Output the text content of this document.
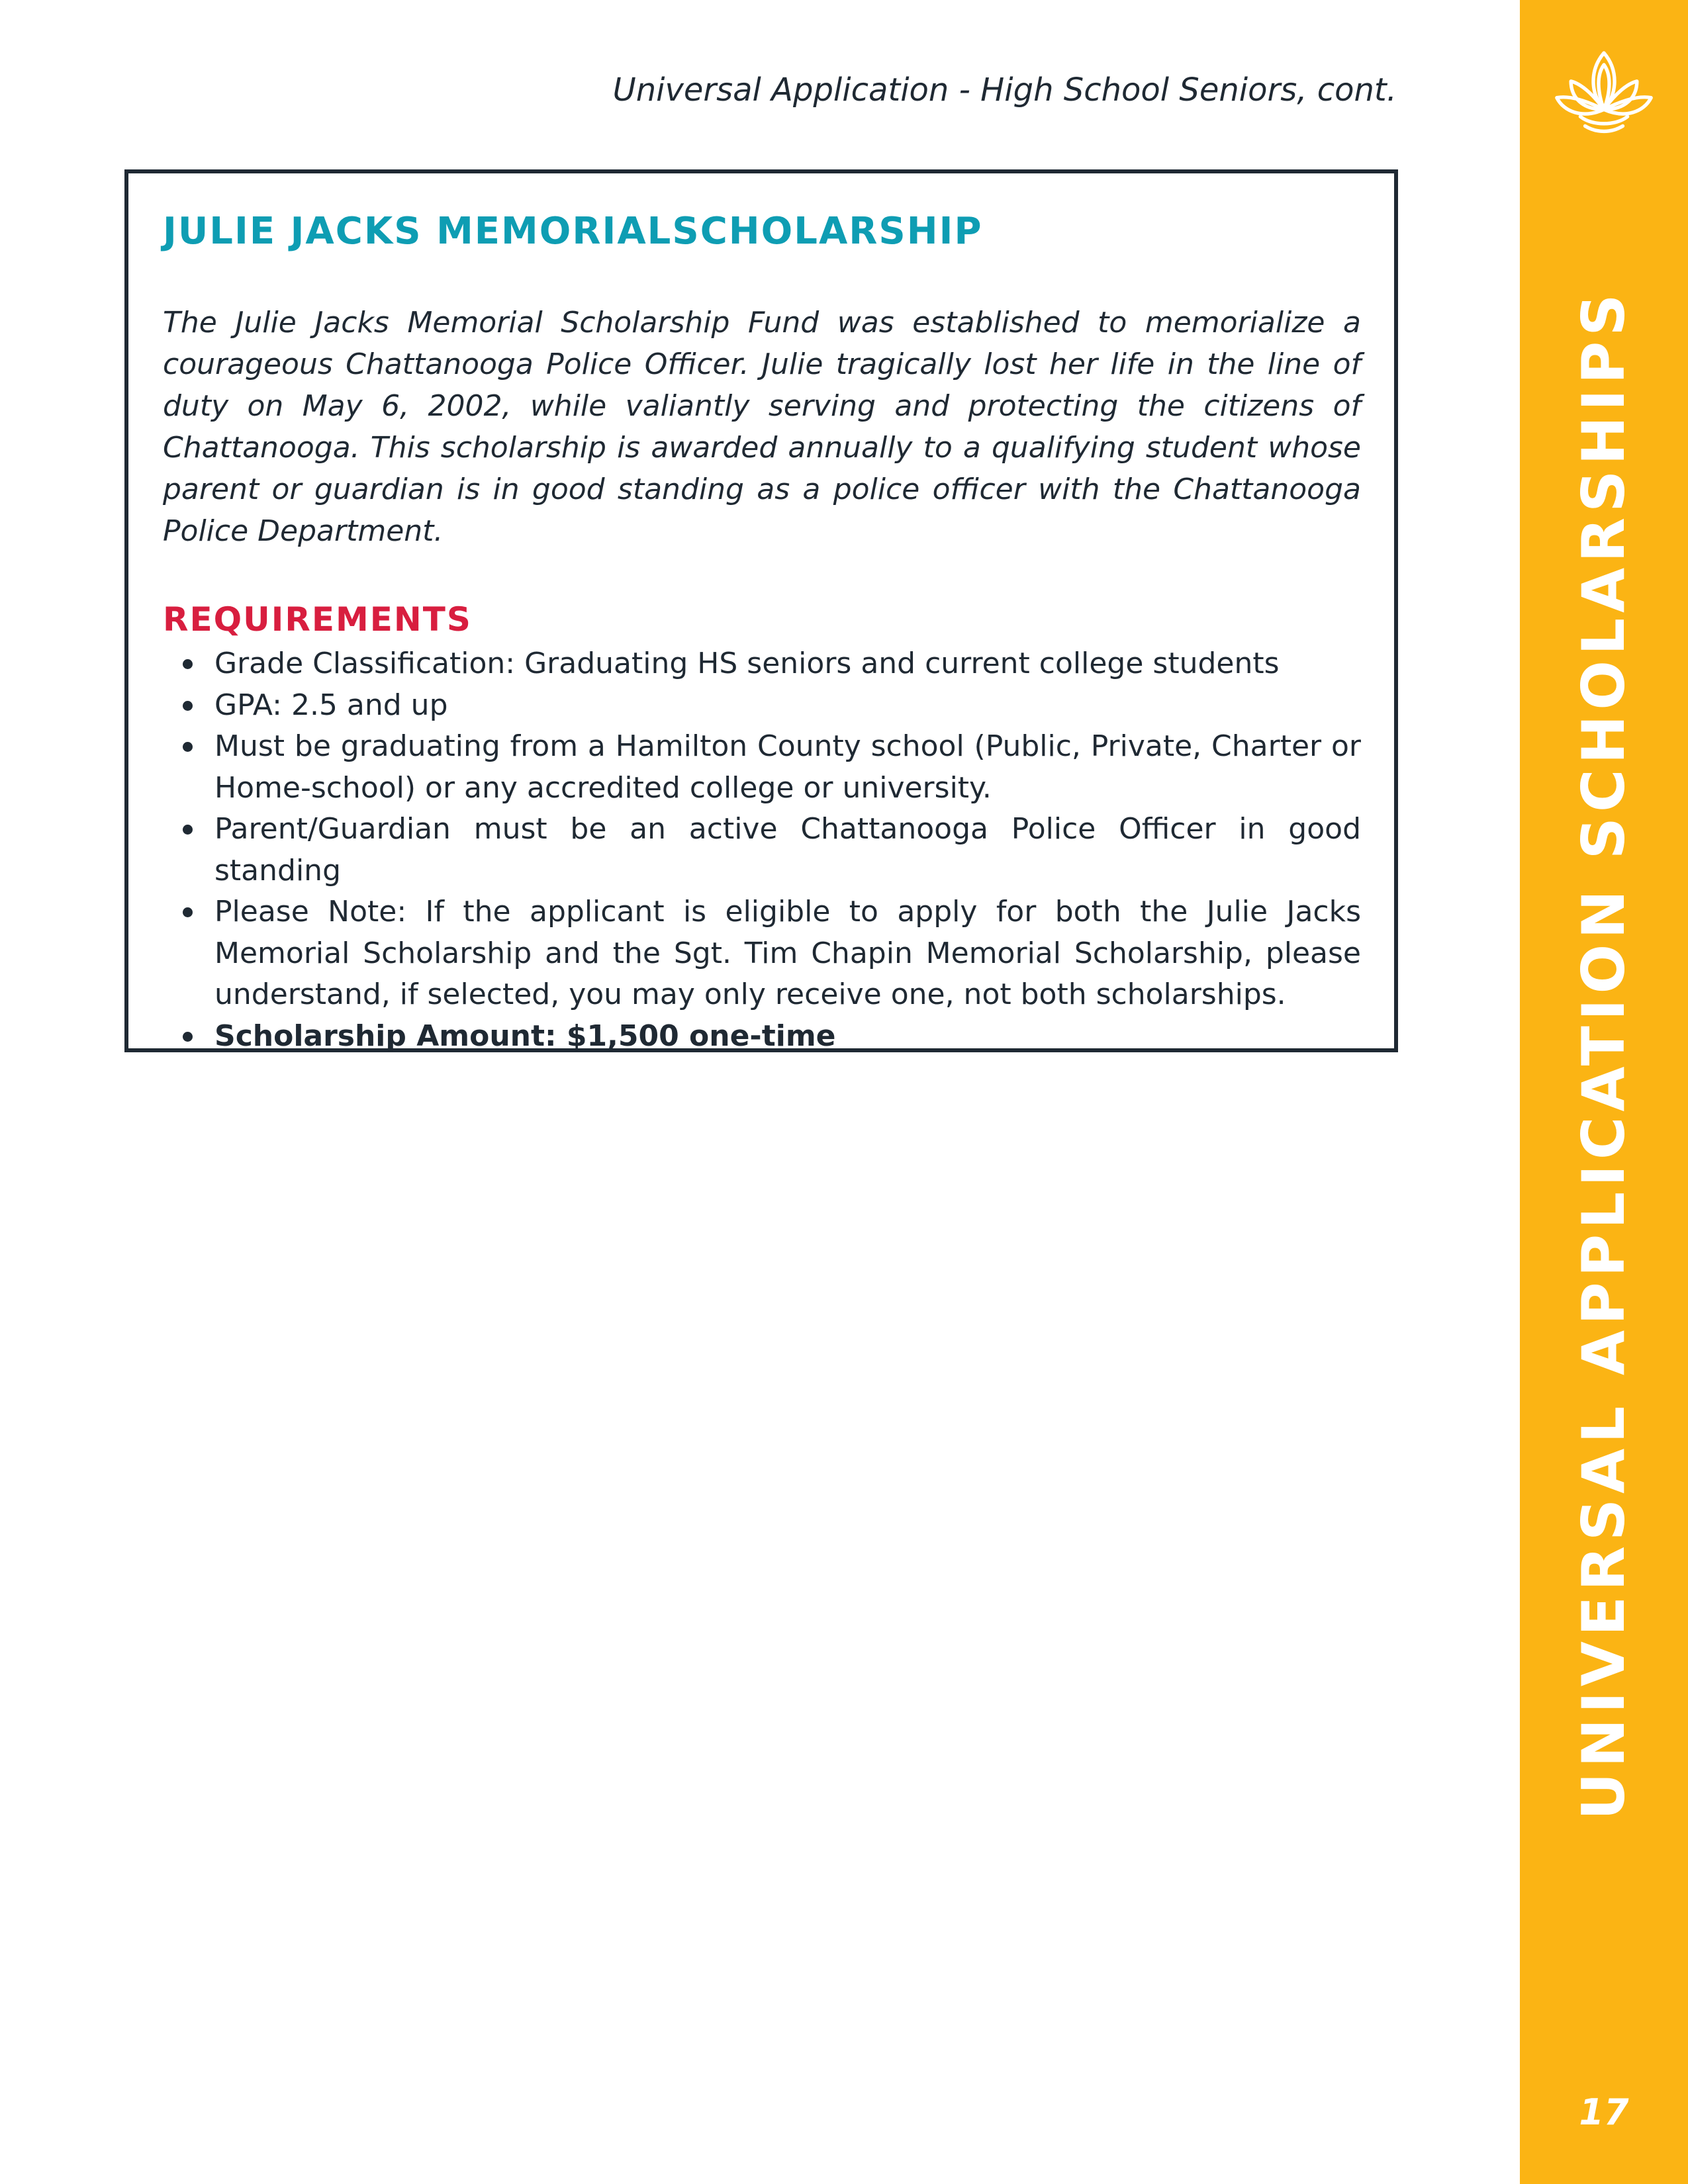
Universal Application - High School Seniors, cont.
JULIE JACKS MEMORIALSCHOLARSHIP

The Julie Jacks Memorial Scholarship Fund was established to memorialize a courageous Chattanooga Police Officer. Julie tragically lost her life in the line of duty on May 6, 2002, while valiantly serving and protecting the citizens of Chattanooga. This scholarship is awarded annually to a qualifying student whose parent or guardian is in good standing as a police officer with the Chattanooga Police Department.

REQUIREMENTS
Grade Classification: Graduating HS seniors and current college students
GPA: 2.5 and up
Must be graduating from a Hamilton County school (Public, Private, Charter or Home-school) or any accredited college or university.
Parent/Guardian must be an active Chattanooga Police Officer in good standing
Please Note: If the applicant is eligible to apply for both the Julie Jacks Memorial Scholarship and the Sgt. Tim Chapin Memorial Scholarship, please understand, if selected, you may only receive one, not both scholarships.
Scholarship Amount: $1,500 one-time	UNIVERSAL APPLICATION SCHOLARSHIPS
17
